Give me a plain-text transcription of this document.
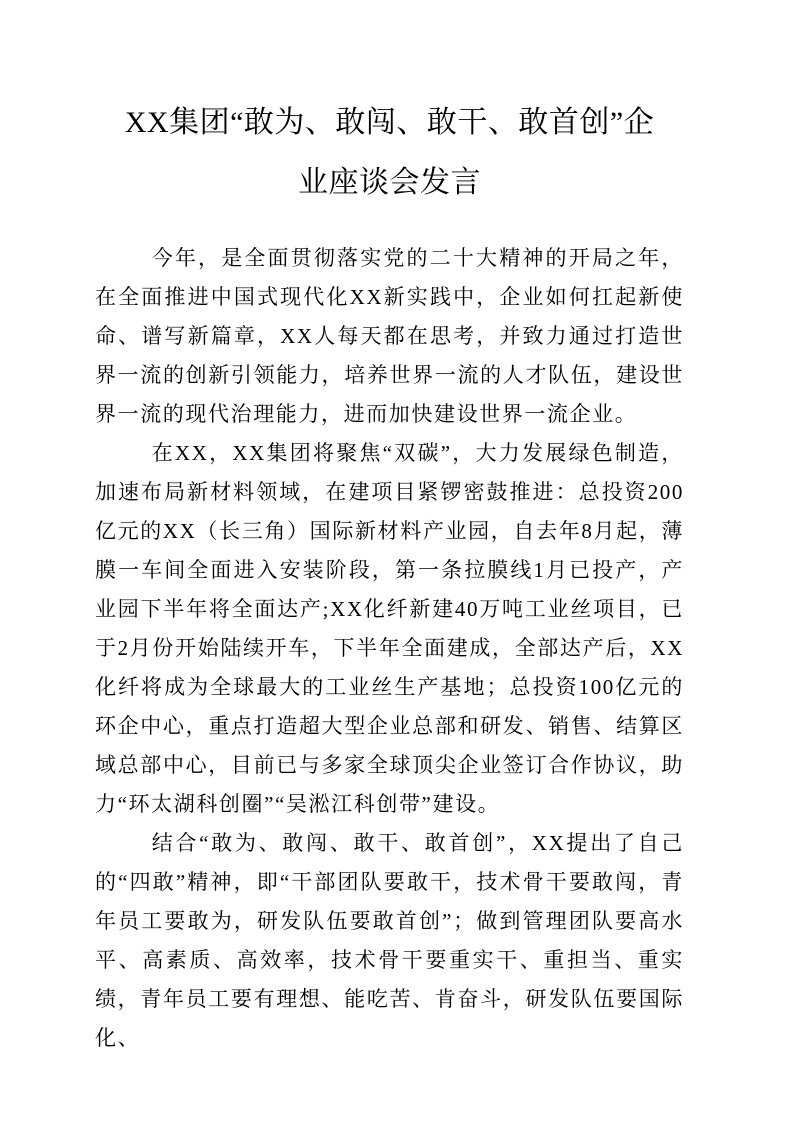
XX集团“敢为、敢闯、敢干、敢首创”企
业座谈会发言

今年，是全面贯彻落实党的二十大精神的开局之年，在全面推进中国式现代化XX新实践中，企业如何扛起新使命、谱写新篇章，XX人每天都在思考，并致力通过打造世界一流的创新引领能力，培养世界一流的人才队伍，建设世界一流的现代治理能力，进而加快建设世界一流企业。

在XX，XX集团将聚焦“双碳”，大力发展绿色制造，加速布局新材料领域，在建项目紧锣密鼓推进：总投资200亿元的XX（长三角）国际新材料产业园，自去年8月起，薄膜一车间全面进入安装阶段，第一条拉膜线1月已投产，产业园下半年将全面达产;XX化纤新建40万吨工业丝项目，已于2月份开始陆续开车，下半年全面建成，全部达产后，XX化纤将成为全球最大的工业丝生产基地；总投资100亿元的环企中心，重点打造超大型企业总部和研发、销售、结算区域总部中心，目前已与多家全球顶尖企业签订合作协议，助力“环太湖科创圈”“吴淞江科创带”建设。

结合“敢为、敢闯、敢干、敢首创”，XX提出了自己的“四敢”精神，即“干部团队要敢干，技术骨干要敢闯，青年员工要敢为，研发队伍要敢首创”；做到管理团队要高水平、高素质、高效率，技术骨干要重实干、重担当、重实绩，青年员工要有理想、能吃苦、肯奋斗，研发队伍要国际化、
